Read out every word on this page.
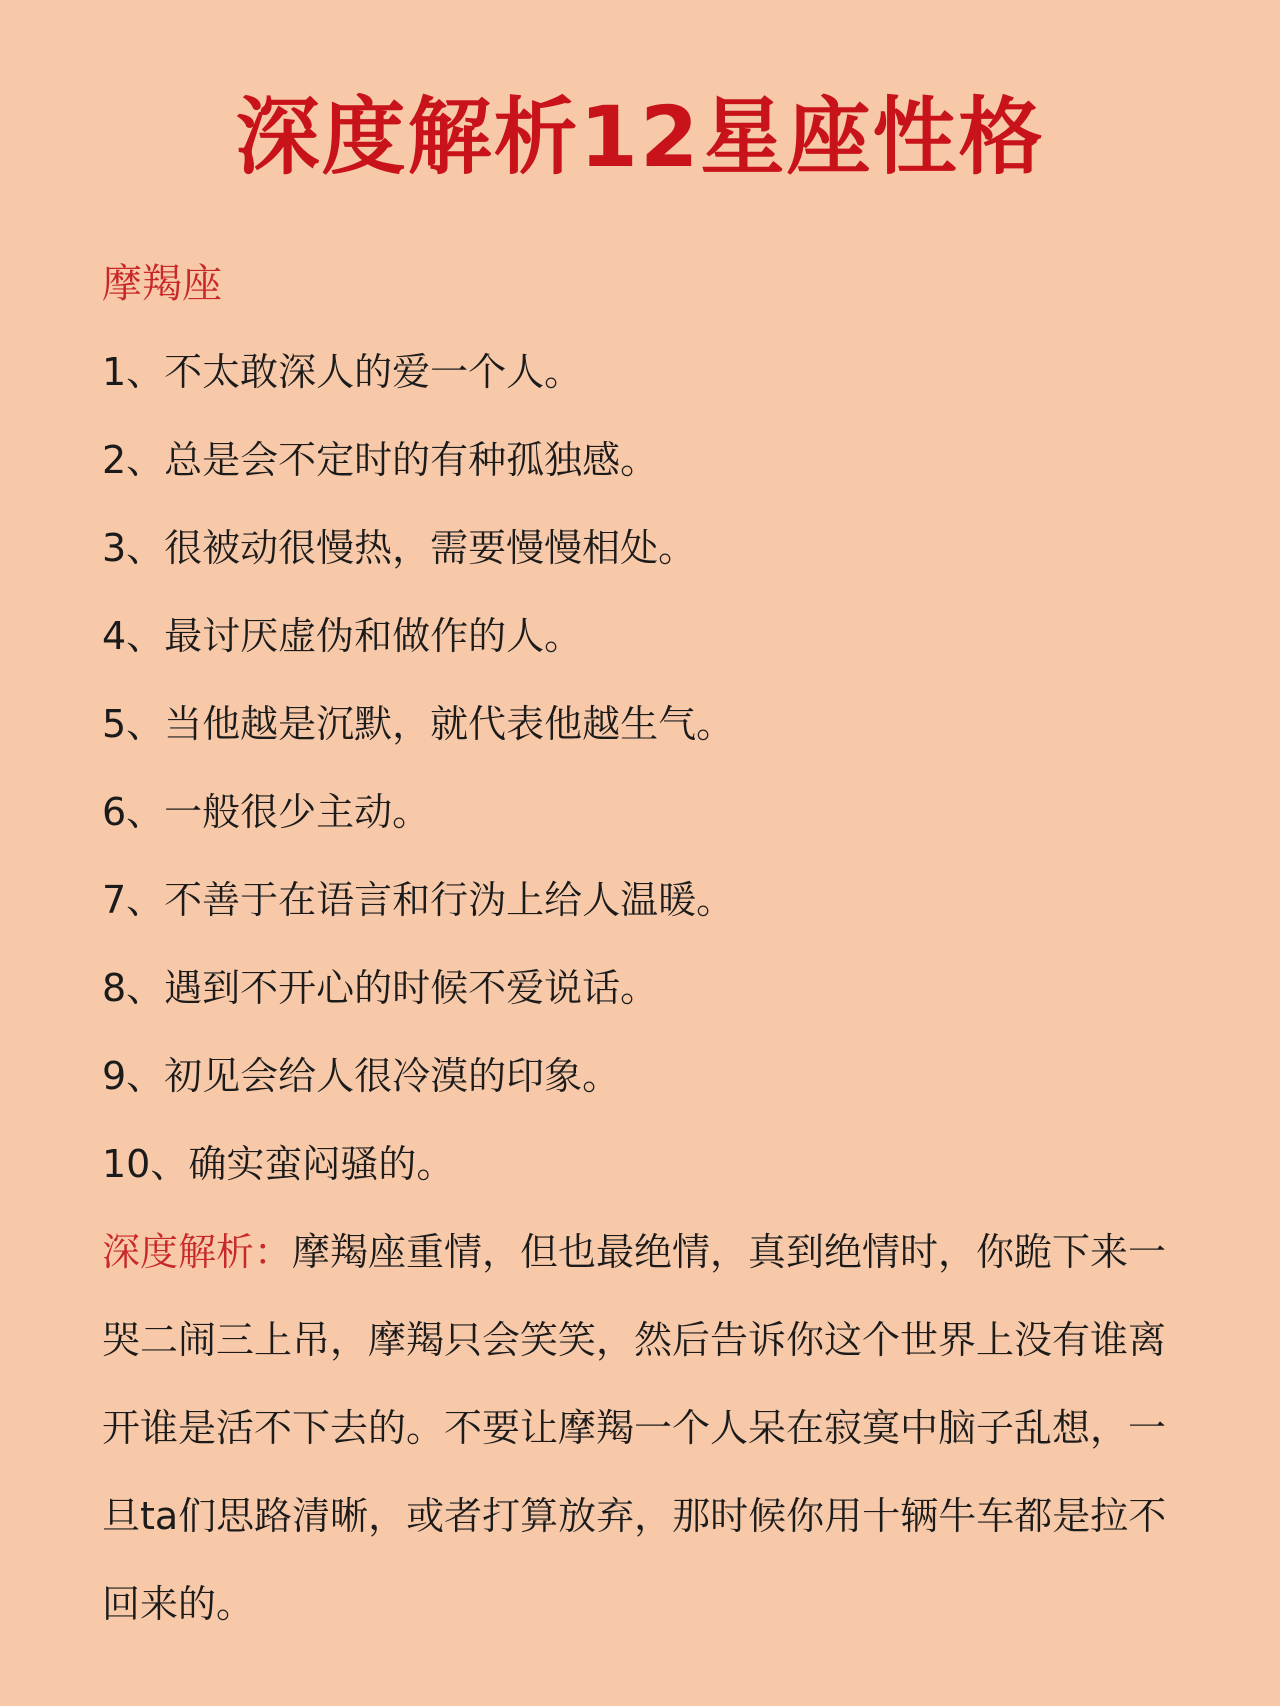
深度解析12星座性格
摩羯座
1、不太敢深人的爱一个人。
2、总是会不定时的有种孤独感。
3、很被动很慢热，需要慢慢相处。
4、最讨厌虚伪和做作的人。
5、当他越是沉默，就代表他越生气。
6、一般很少主动。
7、不善于在语言和行沩上给人温暖。
8、遇到不开心的时候不爱说话。
9、初见会给人很冷漠的印象。
10、确实蛮闷骚的。

深度解析：摩羯座重情，但也最绝情，真到绝情时，你跪下来一哭二闹三上吊，摩羯只会笑笑，然后告诉你这个世界上没有谁离开谁是活不下去的。不要让摩羯一个人呆在寂寞中脑子乱想，一旦ta们思路清晰，或者打算放弃，那时候你用十辆牛车都是拉不回来的。
